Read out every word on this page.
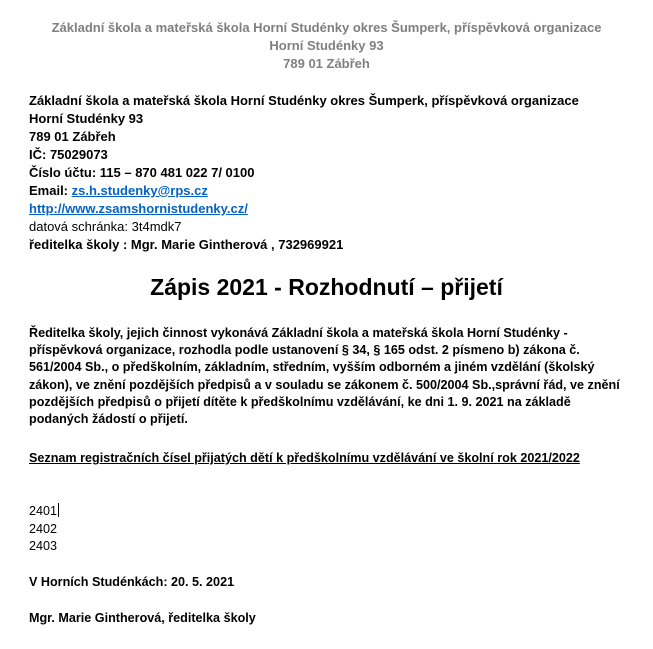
Základní škola a mateřská škola Horní Studénky okres Šumperk, příspěvková organizace
Horní Studénky 93
789 01 Zábřeh
Základní škola a mateřská škola Horní Studénky okres Šumperk, příspěvková organizace
Horní Studénky 93
789 01 Zábřeh
IČ: 75029073
Číslo účtu: 115 – 870 481 022 7/ 0100
Email: zs.h.studenky@rps.cz
http://www.zsamshornistudenky.cz/
datová schránka: 3t4mdk7
ředitelka školy : Mgr. Marie Gintherová , 732969921
Zápis 2021 - Rozhodnutí – přijetí
Ředitelka školy, jejich činnost vykonává Základní škola a mateřská škola Horní Studénky -
příspěvková organizace, rozhodla podle ustanovení § 34, § 165 odst. 2 písmeno b) zákona č.
561/2004 Sb., o předškolním, základním, středním, vyšším odborném a jiném vzdělání (školský
zákon), ve znění pozdějších předpisů a v souladu se zákonem č. 500/2004 Sb.,správní řád, ve znění
pozdějších předpisů o přijetí dítěte k předškolnímu vzdělávání, ke dni 1. 9. 2021 na základě
podaných žádostí o přijetí.
Seznam registračních čísel přijatých dětí k předškolnímu vzdělávání ve školní rok 2021/2022
2401
2402
2403
V Horních Studénkách: 20. 5. 2021
Mgr. Marie Gintherová, ředitelka školy
